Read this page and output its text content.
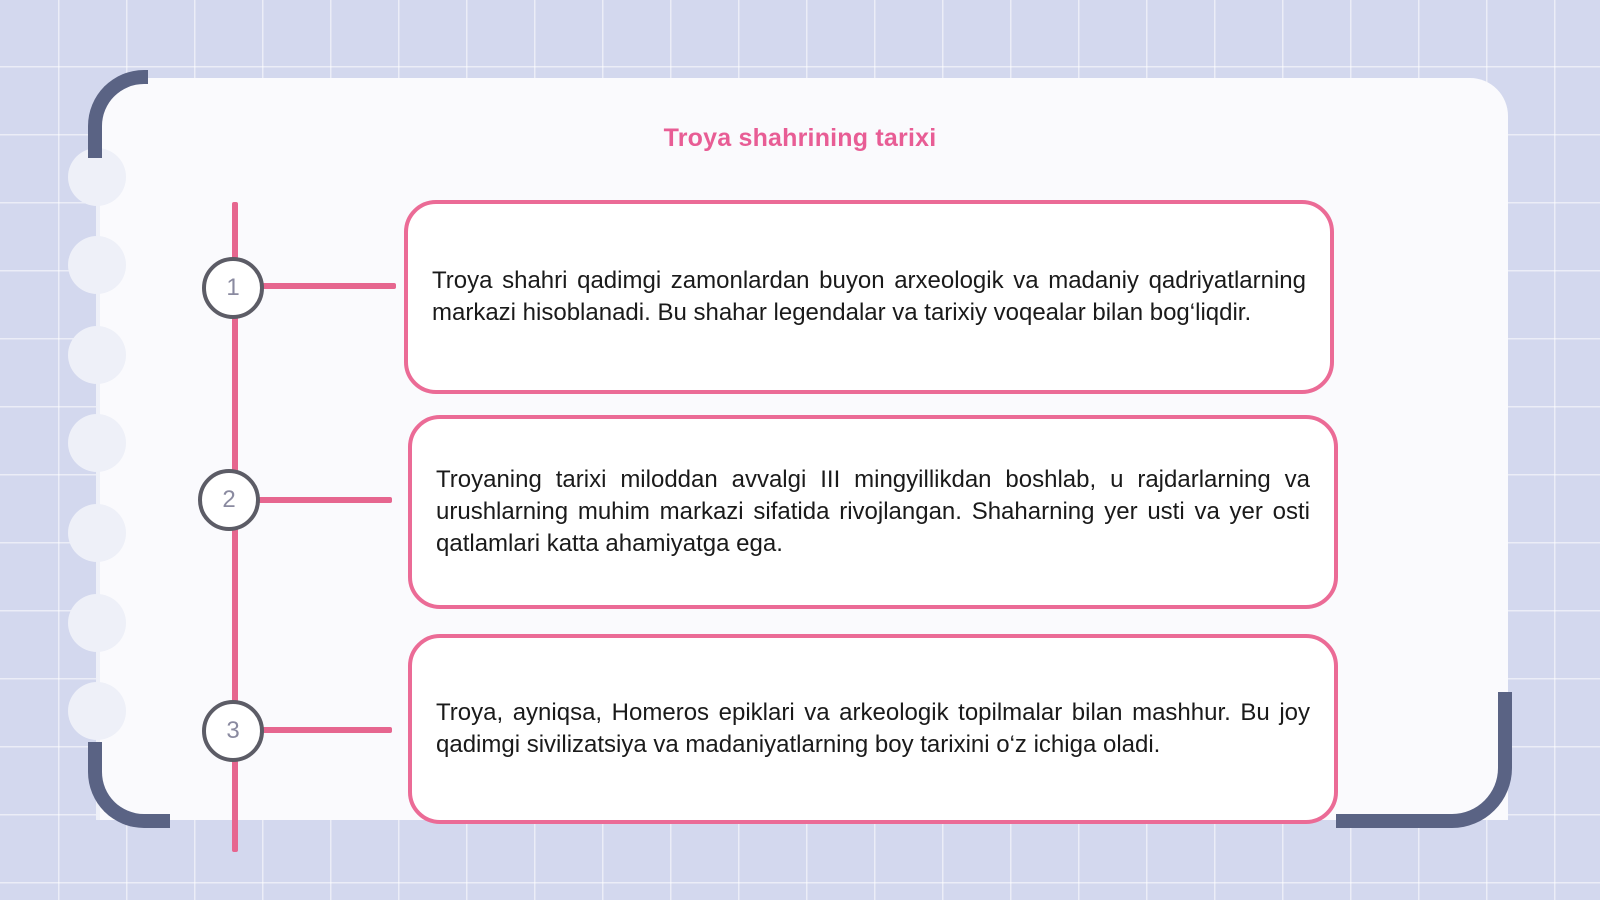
Troya shahrining tarixi
1	Troya shahri qadimgi zamonlardan buyon arxeologik va madaniy qadriyatlarning markazi hisoblanadi. Bu shahar legendalar va tarixiy voqealar bilan bog‘liqdir.

2

Troyaning tarixi miloddan avvalgi III mingyillikdan boshlab, u rajdarlarning va urushlarning muhim markazi sifatida rivojlangan. Shaharning yer usti va yer osti qatlamlari katta ahamiyatga ega.

3

Troya, ayniqsa, Homeros epiklari va arkeologik topilmalar bilan mashhur. Bu joy qadimgi sivilizatsiya va madaniyatlarning boy tarixini o‘z ichiga oladi.
